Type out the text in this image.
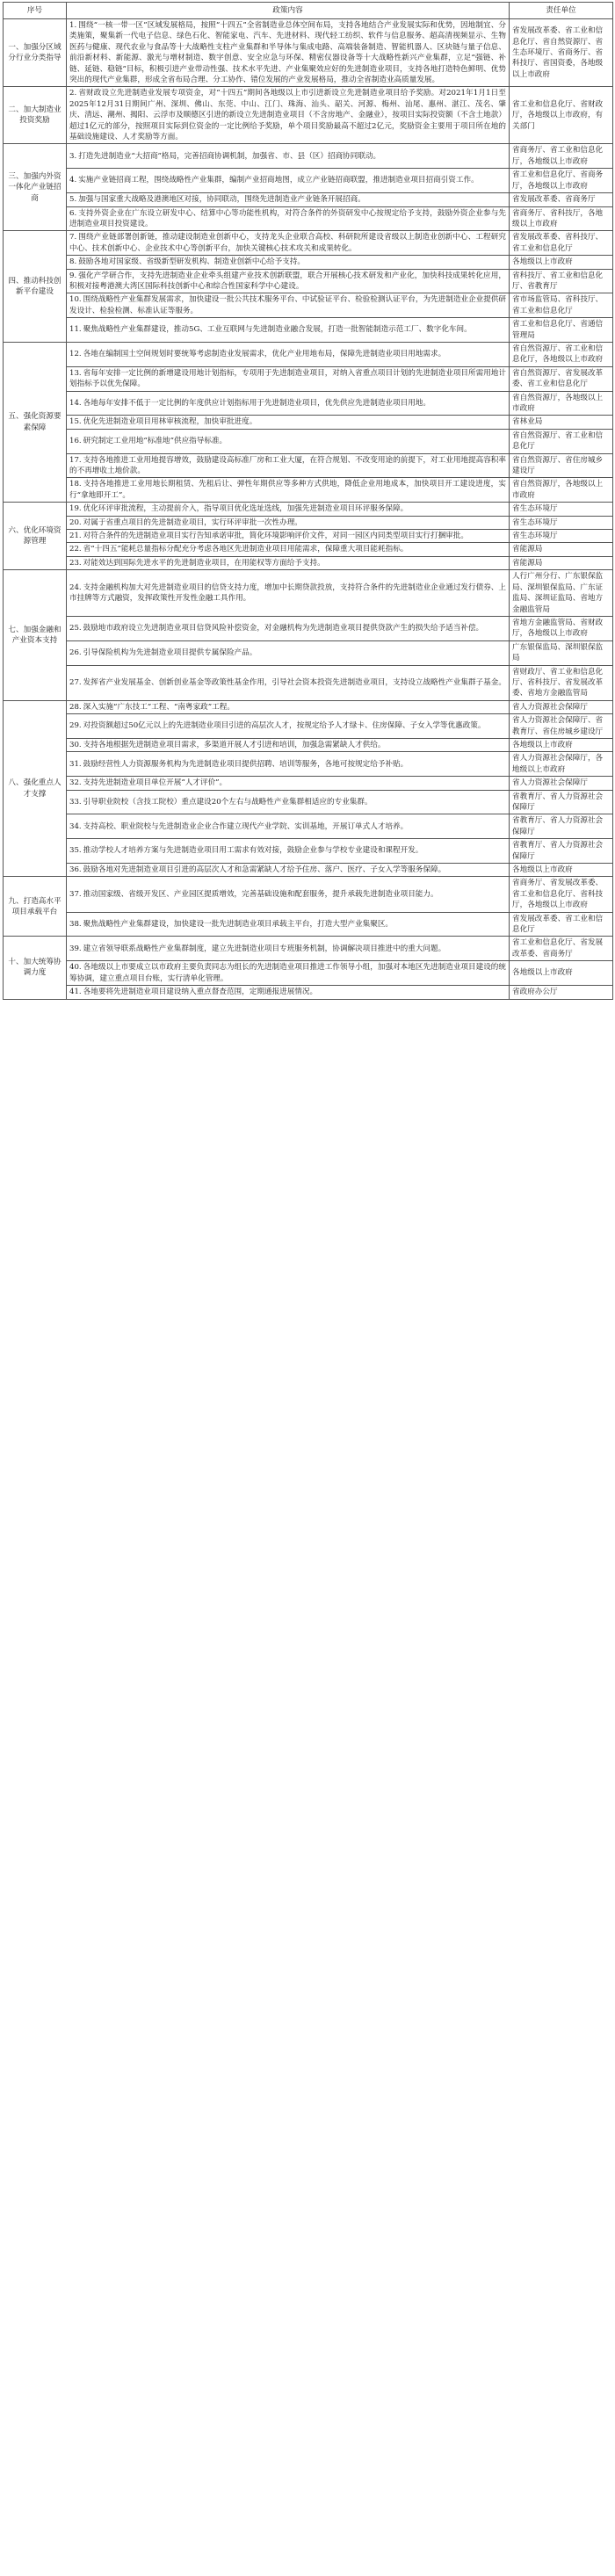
序号	政策内容	责任单位
一、加强分区域分行业分类指导	1. 围绕“一核一带一区”区域发展格局，按照“十四五”全省制造业总体空间布局，支持各地结合产业发展实际和优势，因地制宜、分类施策，聚集新一代电子信息、绿色石化、智能家电、汽车、先进材料、现代轻工纺织、软件与信息服务、超高清视频显示、生物医药与健康、现代农业与食品等十大战略性支柱产业集群和半导体与集成电路、高端装备制造、智能机器人、区块链与量子信息、前沿新材料、新能源、激光与增材制造、数字创意、安全应急与环保、精密仪器设备等十大战略性新兴产业集群，立足“强链、补链、延链、稳链”目标，积极引进产业带动性强、技术水平先进、产业集聚效应好的先进制造业项目，支持各地打造特色鲜明、优势突出的现代产业集群，形成全省布局合理、分工协作、错位发展的产业发展格局，推动全省制造业高质量发展。	省发展改革委、省工业和信息化厅、省自然资源厅、省生态环境厅、省商务厅、省科技厅、省国资委，各地级以上市政府
二、加大制造业投资奖励	2. 省财政设立先进制造业发展专项资金，对“十四五”期间各地级以上市引进新设立先进制造业项目给予奖励。对2021年1月1日至2025年12月31日期间广州、深圳、佛山、东莞、中山、江门、珠海、汕头、韶关、河源、梅州、汕尾、惠州、湛江、茂名、肇庆、清远、潮州、揭阳、云浮市及顺德区引进的新设立先进制造业项目（不含房地产、金融业），按项目实际投资额（不含土地款）超过1亿元的部分，按照项目实际到位资金的一定比例给予奖励，单个项目奖励最高不超过2亿元，奖励资金主要用于项目所在地的基础设施建设、人才奖励等方面。	省工业和信息化厅、省财政厅，各地级以上市政府，有关部门
三、加强内外资一体化产业链招商	3. 打造先进制造业“大招商”格局，完善招商协调机制，加强省、市、县（区）招商协同联动。	省商务厅、省工业和信息化厅，各地级以上市政府
	4. 实施产业链招商工程，围绕战略性产业集群，编制产业招商地图，成立产业链招商联盟，推进制造业项目招商引资工作。	省工业和信息化厅、省商务厅，各地级以上市政府
	5. 加强与国家重大战略及港澳地区对接，协同联动，围绕先进制造业产业链条开展招商。	省发展改革委、省商务厅
	6. 支持外资企业在广东设立研发中心、结算中心等功能性机构，对符合条件的外资研发中心按规定给予支持，鼓励外资企业参与先进制造业项目投资建设。	省商务厅、省科技厅，各地级以上市政府
四、推动科技创新平台建设	7. 围绕产业链部署创新链，推动建设制造业创新中心，支持龙头企业联合高校、科研院所建设省级以上制造业创新中心、工程研究中心、技术创新中心、企业技术中心等创新平台，加快关键核心技术攻关和成果转化。	省发展改革委、省科技厅、省工业和信息化厅
	8. 鼓励各地对国家级、省级新型研发机构、制造业创新中心给予支持。	各地级以上市政府
	9. 强化产学研合作，支持先进制造业企业牵头组建产业技术创新联盟，联合开展核心技术研发和产业化，加快科技成果转化应用，积极对接粤港澳大湾区国际科技创新中心和综合性国家科学中心建设。	省科技厅、省工业和信息化厅、省教育厅
	10. 围绕战略性产业集群发展需求，加快建设一批公共技术服务平台、中试验证平台、检验检测认证平台，为先进制造业企业提供研发设计、检验检测、标准认证等服务。	省市场监管局、省科技厅、省工业和信息化厅
	11. 聚焦战略性产业集群建设，推动5G、工业互联网与先进制造业融合发展，打造一批智能制造示范工厂、数字化车间。	省工业和信息化厅、省通信管理局
五、强化资源要素保障	12. 各地在编制国土空间规划时要统筹考虑制造业发展需求，优化产业用地布局，保障先进制造业项目用地需求。	省自然资源厅、省工业和信息化厅，各地级以上市政府
	13. 省每年安排一定比例的新增建设用地计划指标，专项用于先进制造业项目，对纳入省重点项目计划的先进制造业项目所需用地计划指标予以优先保障。	省自然资源厅、省发展改革委、省工业和信息化厅
	14. 各地每年安排不低于一定比例的年度供应计划指标用于先进制造业项目，优先供应先进制造业项目用地。	省自然资源厅，各地级以上市政府
	15. 优化先进制造业项目用林审核流程，加快审批进度。	省林业局
	16. 研究制定工业用地“标准地”供应指导标准。	省自然资源厅、省工业和信息化厅
	17. 支持各地推进工业用地提容增效，鼓励建设高标准厂房和工业大厦，在符合规划、不改变用途的前提下，对工业用地提高容积率的不再增收土地价款。	省自然资源厅、省住房城乡建设厅
	18. 支持各地推进工业用地长期租赁、先租后让、弹性年期供应等多种方式供地，降低企业用地成本，加快项目开工建设进度，实行“拿地即开工”。	省自然资源厅，各地级以上市政府
六、优化环境资源管理	19. 优化环评审批流程，主动提前介入，指导项目优化选址选线，加强先进制造业项目环评服务保障。	省生态环境厅
	20. 对属于省重点项目的先进制造业项目，实行环评审批一次性办理。	省生态环境厅
	21. 对符合条件的先进制造业项目实行告知承诺审批，简化环境影响评价文件，对同一园区内同类型项目实行打捆审批。	省生态环境厅
	22. 省“十四五”能耗总量指标分配充分考虑各地区先进制造业项目用能需求，保障重大项目能耗指标。	省能源局
	23. 对能效达到国际先进水平的先进制造业项目，在用能权等方面给予支持。	省能源局
七、加强金融和产业资本支持	24. 支持金融机构加大对先进制造业项目的信贷支持力度，增加中长期贷款投放，支持符合条件的先进制造业企业通过发行债券、上市挂牌等方式融资，发挥政策性开发性金融工具作用。	人行广州分行、广东银保监局、深圳银保监局、广东证监局、深圳证监局、省地方金融监管局
	25. 鼓励地市政府设立先进制造业项目信贷风险补偿资金，对金融机构为先进制造业项目提供贷款产生的损失给予适当补偿。	省地方金融监管局、省财政厅，各地级以上市政府
	26. 引导保险机构为先进制造业项目提供专属保险产品。	广东银保监局、深圳银保监局
	27. 发挥省产业发展基金、创新创业基金等政策性基金作用，引导社会资本投资先进制造业项目，支持设立战略性产业集群子基金。	省财政厅、省工业和信息化厅、省科技厅、省发展改革委、省地方金融监管局
八、强化重点人才支撑	28. 深入实施“广东技工”工程、“南粤家政”工程。	省人力资源社会保障厅
	29. 对投资额超过50亿元以上的先进制造业项目引进的高层次人才，按规定给予人才绿卡、住房保障、子女入学等优惠政策。	省人力资源社会保障厅、省教育厅、省住房城乡建设厅
	30. 支持各地根据先进制造业项目需求，多渠道开展人才引进和培训，加强急需紧缺人才供给。	各地级以上市政府
	31. 鼓励经营性人力资源服务机构为先进制造业项目提供招聘、培训等服务，各地可按规定给予补贴。	省人力资源社会保障厅，各地级以上市政府
	32. 支持先进制造业项目单位开展“人才评价”。	省人力资源社会保障厅
	33. 引导职业院校（含技工院校）重点建设20个左右与战略性产业集群相适应的专业集群。	省教育厅、省人力资源社会保障厅
	34. 支持高校、职业院校与先进制造业企业合作建立现代产业学院、实训基地，开展订单式人才培养。	省教育厅、省人力资源社会保障厅
	35. 推动学校人才培养方案与先进制造业项目用工需求有效对接，鼓励企业参与学校专业建设和课程开发。	省教育厅、省人力资源社会保障厅
	36. 鼓励各地对先进制造业项目引进的高层次人才和急需紧缺人才给予住房、落户、医疗、子女入学等服务保障。	各地级以上市政府
九、打造高水平项目承载平台	37. 推动国家级、省级开发区、产业园区提质增效，完善基础设施和配套服务，提升承载先进制造业项目能力。	省商务厅、省发展改革委、省工业和信息化厅、省科技厅，各地级以上市政府
	38. 聚焦战略性产业集群建设，加快建设一批先进制造业项目承载主平台，打造大型产业集聚区。	省发展改革委、省工业和信息化厅
十、加大统筹协调力度	39. 建立省领导联系战略性产业集群制度，建立先进制造业项目专班服务机制，协调解决项目推进中的重大问题。	省工业和信息化厅、省发展改革委、省商务厅
	40. 各地级以上市要成立以市政府主要负责同志为组长的先进制造业项目推进工作领导小组，加强对本地区先进制造业项目建设的统筹协调，建立重点项目台账，实行清单化管理。	各地级以上市政府
	41. 各地要将先进制造业项目建设纳入重点督查范围，定期通报进展情况。	省政府办公厅
